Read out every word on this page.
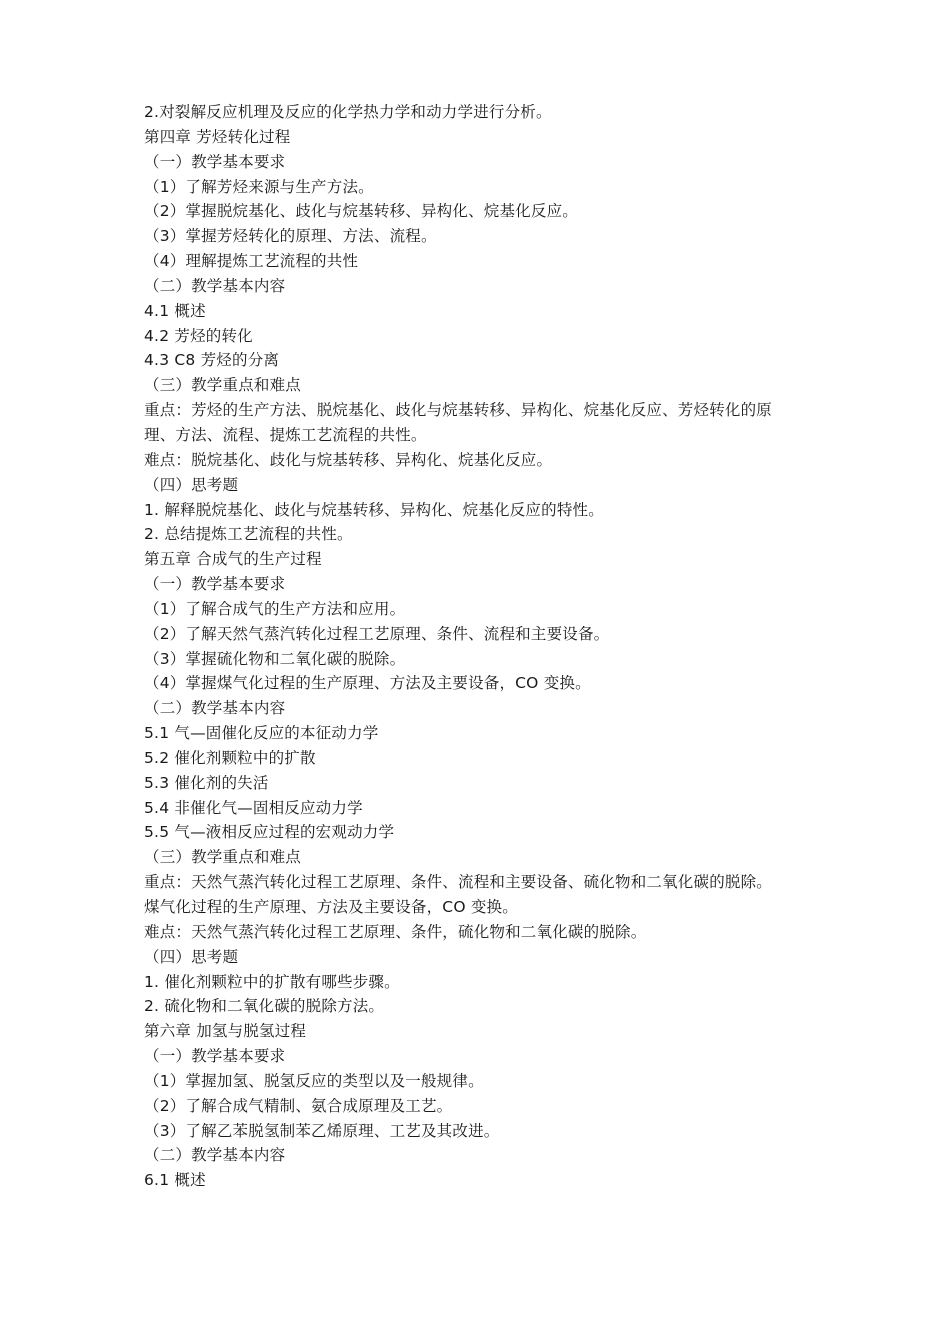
2.对裂解反应机理及反应的化学热力学和动力学进行分析。
第四章 芳烃转化过程
（一）教学基本要求
（1）了解芳烃来源与生产方法。
（2）掌握脱烷基化、歧化与烷基转移、异构化、烷基化反应。
（3）掌握芳烃转化的原理、方法、流程。
（4）理解提炼工艺流程的共性
（二）教学基本内容
4.1 概述
4.2 芳烃的转化
4.3 C8 芳烃的分离
（三）教学重点和难点
重点：芳烃的生产方法、脱烷基化、歧化与烷基转移、异构化、烷基化反应、芳烃转化的原
理、方法、流程、提炼工艺流程的共性。
难点：脱烷基化、歧化与烷基转移、异构化、烷基化反应。
（四）思考题
1. 解释脱烷基化、歧化与烷基转移、异构化、烷基化反应的特性。
2. 总结提炼工艺流程的共性。
第五章 合成气的生产过程
（一）教学基本要求
（1）了解合成气的生产方法和应用。
（2）了解天然气蒸汽转化过程工艺原理、条件、流程和主要设备。
（3）掌握硫化物和二氧化碳的脱除。
（4）掌握煤气化过程的生产原理、方法及主要设备，CO 变换。
（二）教学基本内容
5.1 气—固催化反应的本征动力学
5.2 催化剂颗粒中的扩散
5.3 催化剂的失活
5.4 非催化气—固相反应动力学
5.5 气—液相反应过程的宏观动力学
（三）教学重点和难点
重点：天然气蒸汽转化过程工艺原理、条件、流程和主要设备、硫化物和二氧化碳的脱除。
煤气化过程的生产原理、方法及主要设备，CO 变换。
难点：天然气蒸汽转化过程工艺原理、条件，硫化物和二氧化碳的脱除。
（四）思考题
1. 催化剂颗粒中的扩散有哪些步骤。
2. 硫化物和二氧化碳的脱除方法。
第六章 加氢与脱氢过程
（一）教学基本要求
（1）掌握加氢、脱氢反应的类型以及一般规律。
（2）了解合成气精制、氨合成原理及工艺。
（3）了解乙苯脱氢制苯乙烯原理、工艺及其改进。
（二）教学基本内容
6.1 概述
